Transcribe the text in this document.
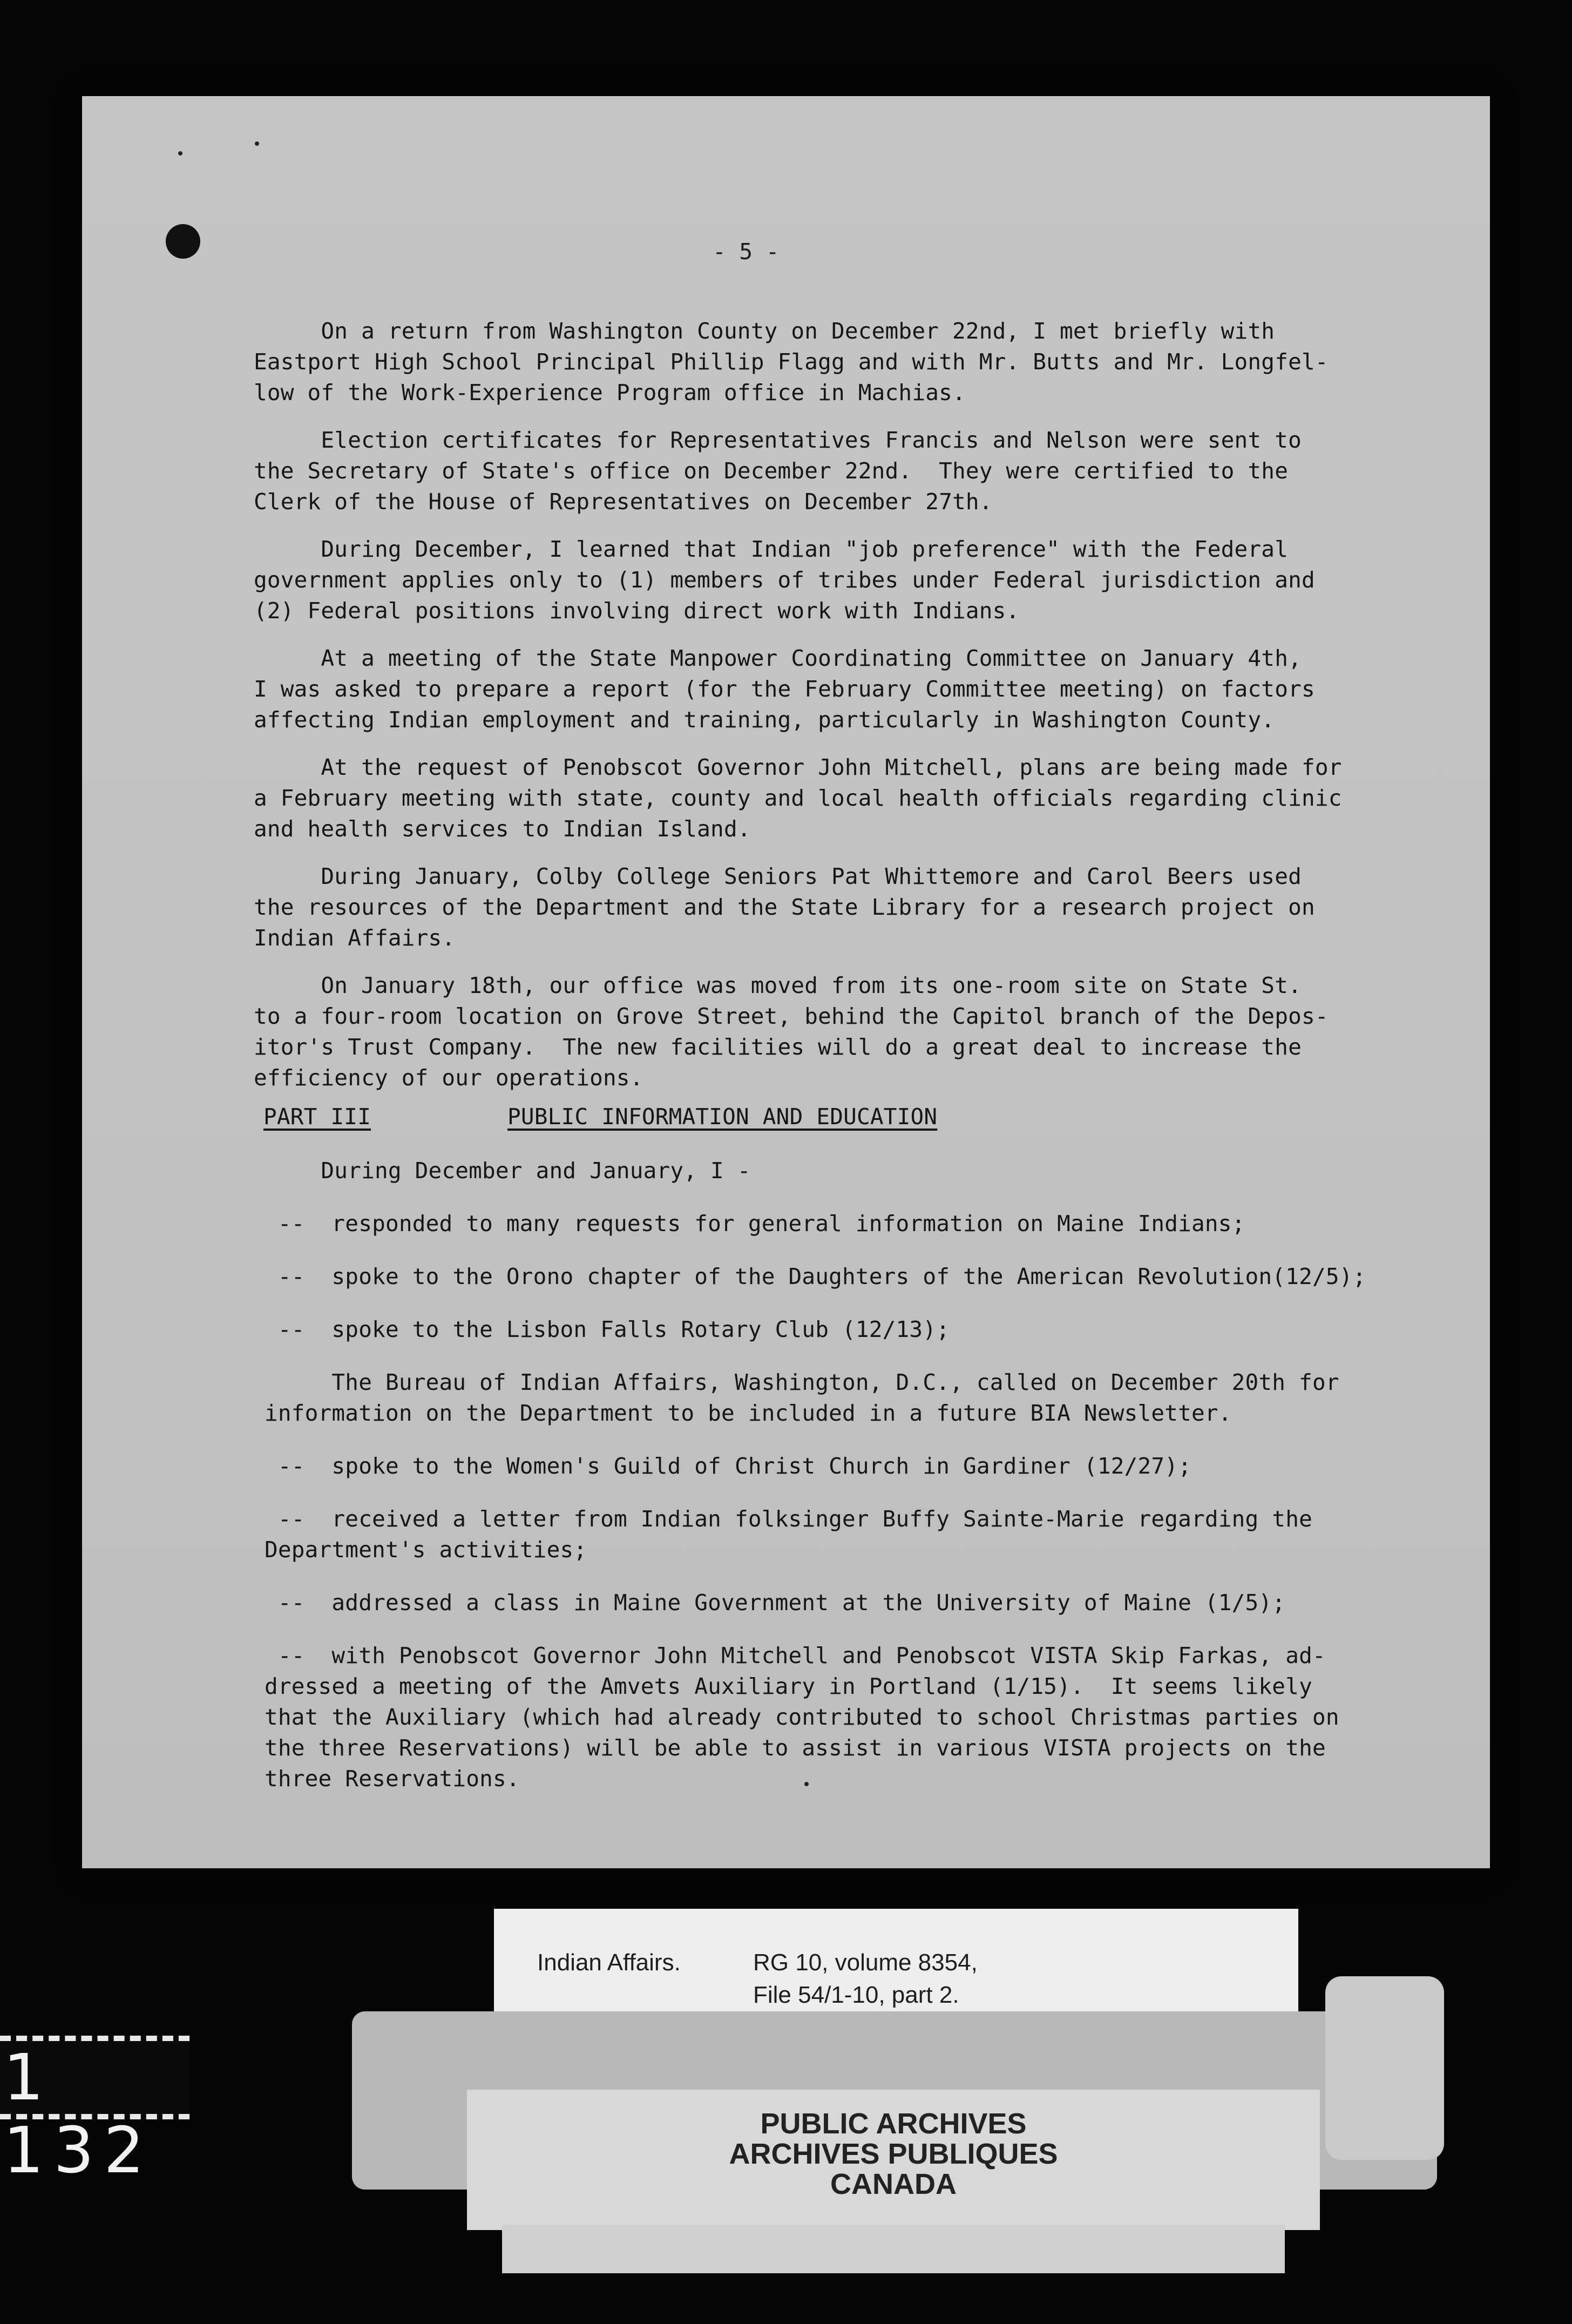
- 5 -

On a return from Washington County on December 22nd, I met briefly with
Eastport High School Principal Phillip Flagg and with Mr. Butts and Mr. Longfel-
low of the Work-Experience Program office in Machias.

Election certificates for Representatives Francis and Nelson were sent to
the Secretary of State's office on December 22nd.  They were certified to the
Clerk of the House of Representatives on December 27th.

During December, I learned that Indian "job preference" with the Federal
government applies only to (1) members of tribes under Federal jurisdiction and
(2) Federal positions involving direct work with Indians.

At a meeting of the State Manpower Coordinating Committee on January 4th,
I was asked to prepare a report (for the February Committee meeting) on factors
affecting Indian employment and training, particularly in Washington County.

At the request of Penobscot Governor John Mitchell, plans are being made for
a February meeting with state, county and local health officials regarding clinic
and health services to Indian Island.

During January, Colby College Seniors Pat Whittemore and Carol Beers used
the resources of the Department and the State Library for a research project on
Indian Affairs.

On January 18th, our office was moved from its one-room site on State St.
to a four-room location on Grove Street, behind the Capitol branch of the Depos-
itor's Trust Company.  The new facilities will do a great deal to increase the
efficiency of our operations.

PART III	PUBLIC INFORMATION AND EDUCATION

During December and January, I -

--  responded to many requests for general information on Maine Indians;

--  spoke to the Orono chapter of the Daughters of the American Revolution(12/5);

--  spoke to the Lisbon Falls Rotary Club (12/13);

The Bureau of Indian Affairs, Washington, D.C., called on December 20th for
information on the Department to be included in a future BIA Newsletter.

--  spoke to the Women's Guild of Christ Church in Gardiner (12/27);

--  received a letter from Indian folksinger Buffy Sainte-Marie regarding the
Department's activities;

--  addressed a class in Maine Government at the University of Maine (1/5);

--  with Penobscot Governor John Mitchell and Penobscot VISTA Skip Farkas, ad-
dressed a meeting of the Amvets Auxiliary in Portland (1/15).  It seems likely
that the Auxiliary (which had already contributed to school Christmas parties on
the three Reservations) will be able to assist in various VISTA projects on the
three Reservations.

Indian Affairs.	RG 10, volume 8354,
File 54/1-10, part 2.
PUBLIC ARCHIVES
ARCHIVES PUBLIQUES
CANADA
1 132
